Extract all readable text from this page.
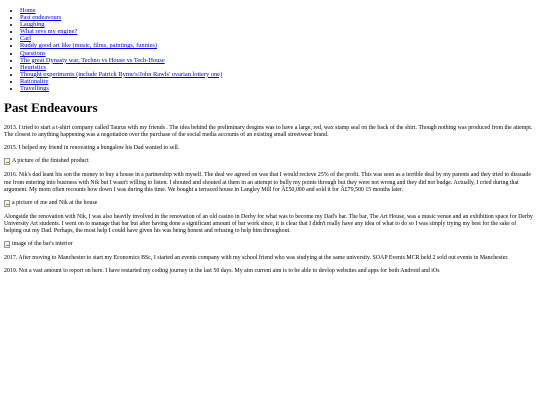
• Home
• Past endeavours
• Laughing
• What revs my engine?
• Carl
• Ruddy good art like (music, films, paintings, funnies)
• Questions
• The great Dynasty war, Techno vs House vs Tech-House
• Heuristics
• Thought experiments (include Patrick Byrne's/John Rawls' ovarian lottery one)
• Rationality
• Travellings
Past Endeavours

2013. I tried to start a t-shirt company called Taurus with my friends . The idea behind the preliminary desgins was to have a large, red, wax stamp seal on the back of the shirt. Though nothing was produced from the attempt. The closest to anything happening was a negotiation over the purchase of the social media accounts of an existing small streetwear brand.

2015. I helped my friend in renovating a bungalow his Dad wanted to sell.

A picture of the finished product

2016. Nik's dad leant his son the money to buy a house in a partnership with myself. The deal we agreed on was that I would recieve 25% of the profit. This was seen as a terrible deal by my parents and they tried to dissuade me from entering into business with Nik but I wasn't willing to listen. I shouted and shouted at them in an attempt to bully my points through but they were not wrong and they did not budge. Actually, I cried during that argument. My mom often recounts how down I was during this time. We bought a terraced house in Langley Mill for Â£50,000 and sold it for Â£79,500 15 months later.

a picture of me and Nik at the house

Alongside the renovation with Nik, I was also heavily involved in the renovation of an old casino in Derby for what was to become my Dad's bar. The bar, The Art House, was a music venue and an exhibition space for Derby University Art students. I went on to manage that bar but after having done a significant amount of bar work since, it is clear that I didn't really have any idea of what to do so I was simply trying my best for the sake of helping out my Dad. Perhaps, the most help I could have given his was being honest and refusing to help him throughout.

image of the bar's interior

2017. After moving to Manchester to start my Economics BSc, I started an events company with my school friend who was studying at the same university. SOAP Events MCR held 2 sold out events in Manchester.

2019. Not a vast amount to report on here. I have restarted my coding journey in the last 50 days. My aim current aim is to be able to devlop websites and apps for both Android and iOs
